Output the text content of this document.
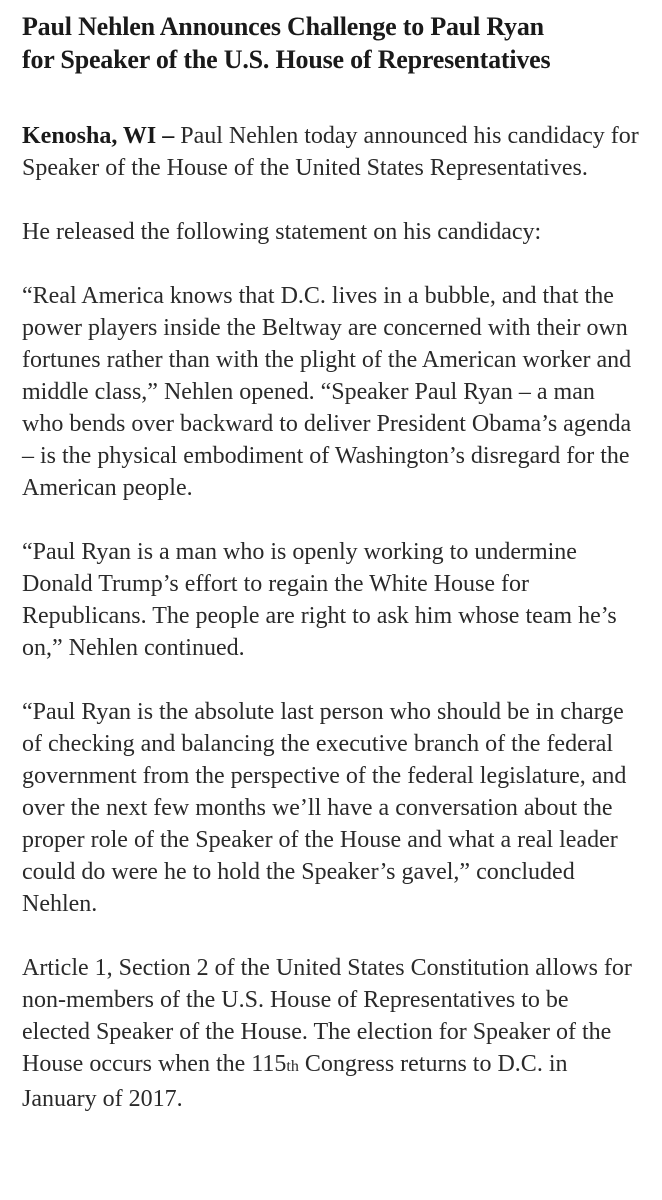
Paul Nehlen Announces Challenge to Paul Ryan
for Speaker of the U.S. House of Representatives

Kenosha, WI – Paul Nehlen today announced his candidacy for Speaker of the House of the United States Representatives.

He released the following statement on his candidacy:

“Real America knows that D.C. lives in a bubble, and that the power players inside the Beltway are concerned with their own fortunes rather than with the plight of the American worker and middle class,” Nehlen opened. “Speaker Paul Ryan – a man who bends over backward to deliver President Obama’s agenda – is the physical embodiment of Washington’s disregard for the American people.

“Paul Ryan is a man who is openly working to undermine Donald Trump’s effort to regain the White House for Republicans. The people are right to ask him whose team he’s on,” Nehlen continued.

“Paul Ryan is the absolute last person who should be in charge of checking and balancing the executive branch of the federal government from the perspective of the federal legislature, and over the next few months we’ll have a conversation about the proper role of the Speaker of the House and what a real leader could do were he to hold the Speaker’s gavel,” concluded Nehlen.

Article 1, Section 2 of the United States Constitution allows for non-members of the U.S. House of Representatives to be elected Speaker of the House. The election for Speaker of the House occurs when the 115th Congress returns to D.C. in January of 2017.
